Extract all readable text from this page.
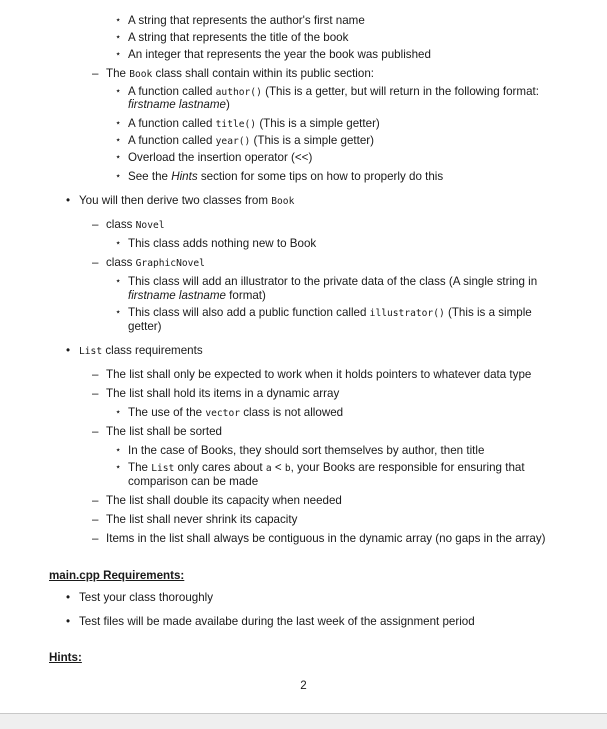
⋆ A string that represents the author's first name
⋆ A string that represents the title of the book
⋆ An integer that represents the year the book was published
– The Book class shall contain within its public section:
⋆ A function called author() (This is a getter, but will return in the following format:
firstname lastname)
⋆ A function called title() (This is a simple getter)
⋆ A function called year() (This is a simple getter)
⋆ Overload the insertion operator (<<)
⋆ See the Hints section for some tips on how to properly do this
• You will then derive two classes from Book
– class Novel
⋆ This class adds nothing new to Book
– class GraphicNovel
⋆ This class will add an illustrator to the private data of the class (A single string in
firstname lastname format)
⋆ This class will also add a public function called illustrator() (This is a simple
getter)
• List class requirements
– The list shall only be expected to work when it holds pointers to whatever data type
– The list shall hold its items in a dynamic array
⋆ The use of the vector class is not allowed
– The list shall be sorted
⋆ In the case of Books, they should sort themselves by author, then title
⋆ The List only cares about a < b, your Books are responsible for ensuring that
comparison can be made
– The list shall double its capacity when needed
– The list shall never shrink its capacity
– Items in the list shall always be contiguous in the dynamic array (no gaps in the array)
main.cpp Requirements:
• Test your class thoroughly
• Test files will be made availabe during the last week of the assignment period
Hints:
2
